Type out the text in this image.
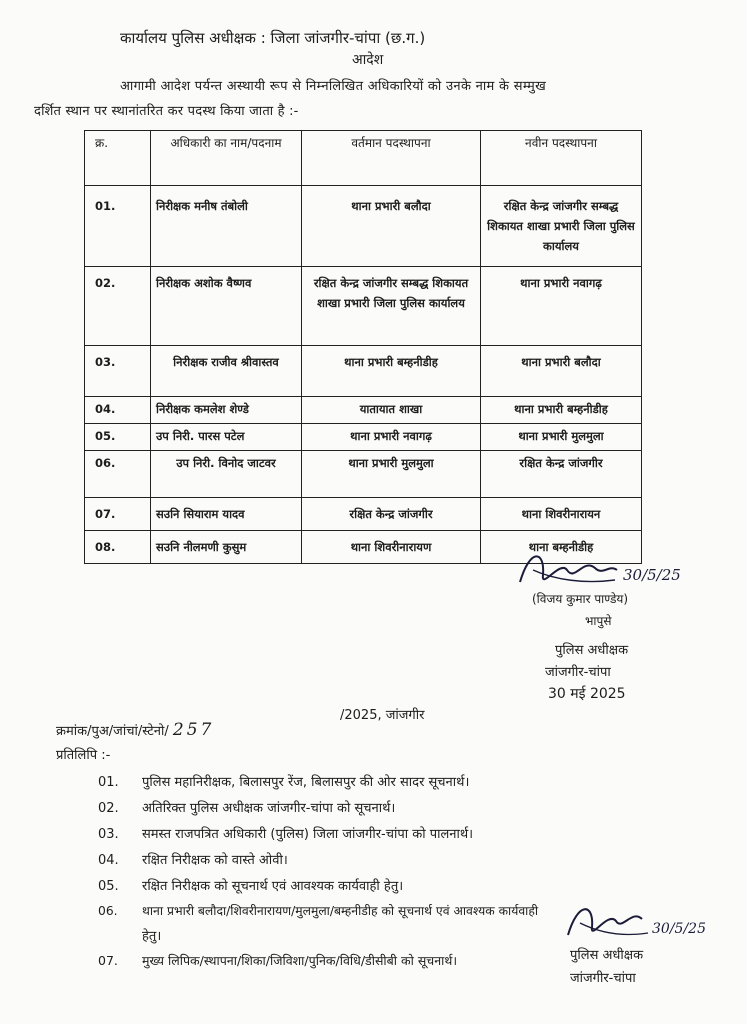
कार्यालय पुलिस अधीक्षक : जिला जांजगीर-चांपा (छ.ग.)
आदेश
आगामी आदेश पर्यन्त अस्थायी रूप से निम्नलिखित अधिकारियों को उनके नाम के सम्मुख
दर्शित स्थान पर स्थानांतरित कर पदस्थ किया जाता है :-
क्र.	अधिकारी का नाम/पदनाम	वर्तमान पदस्थापना	नवीन पदस्थापना
01.	निरीक्षक मनीष तंबोली	थाना प्रभारी बलौदा	रक्षित केन्द्र जांजगीर सम्बद्ध शिकायत शाखा प्रभारी जिला पुलिस कार्यालय
02.	निरीक्षक अशोक वैष्णव	रक्षित केन्द्र जांजगीर सम्बद्ध शिकायत शाखा प्रभारी जिला पुलिस कार्यालय	थाना प्रभारी नवागढ़
03.	निरीक्षक राजीव श्रीवास्तव	थाना प्रभारी बम्हनीडीह	थाना प्रभारी बलौदा
04.	निरीक्षक कमलेश शेण्डे	यातायात शाखा	थाना प्रभारी बम्हनीडीह
05.	उप निरी. पारस पटेल	थाना प्रभारी नवागढ़	थाना प्रभारी मुलमुला
06.	उप निरी. विनोद जाटवर	थाना प्रभारी मुलमुला	रक्षित केन्द्र जांजगीर
07.	सउनि सियाराम यादव	रक्षित केन्द्र जांजगीर	थाना शिवरीनारायन
08.	सउनि नीलमणी कुसुम	थाना शिवरीनारायण	थाना बम्हनीडीह
30/5/25
(विजय कुमार पाण्डेय)
भापुसे
पुलिस अधीक्षक
जांजगीर-चांपा
30 मई 2025
क्रमांक/पुअ/जांचां/स्टेनो/ 257
/2025, जांजगीर
प्रतिलिपि :-
01. पुलिस महानिरीक्षक, बिलासपुर रेंज, बिलासपुर की ओर सादर सूचनार्थ।
02. अतिरिक्त पुलिस अधीक्षक जांजगीर-चांपा को सूचनार्थ।
03. समस्त राजपत्रित अधिकारी (पुलिस) जिला जांजगीर-चांपा को पालनार्थ।
04. रक्षित निरीक्षक को वास्ते ओवी।
05. रक्षित निरीक्षक को सूचनार्थ एवं आवश्यक कार्यवाही हेतु।
06. थाना प्रभारी बलौदा/शिवरीनारायण/मुलमुला/बम्हनीडीह को सूचनार्थ एवं आवश्यक कार्यवाही
हेतु।
07. मुख्य लिपिक/स्थापना/शिका/जिविशा/पुनिक/विधि/डीसीबी को सूचनार्थ।
30/5/25
पुलिस अधीक्षक
जांजगीर-चांपा
